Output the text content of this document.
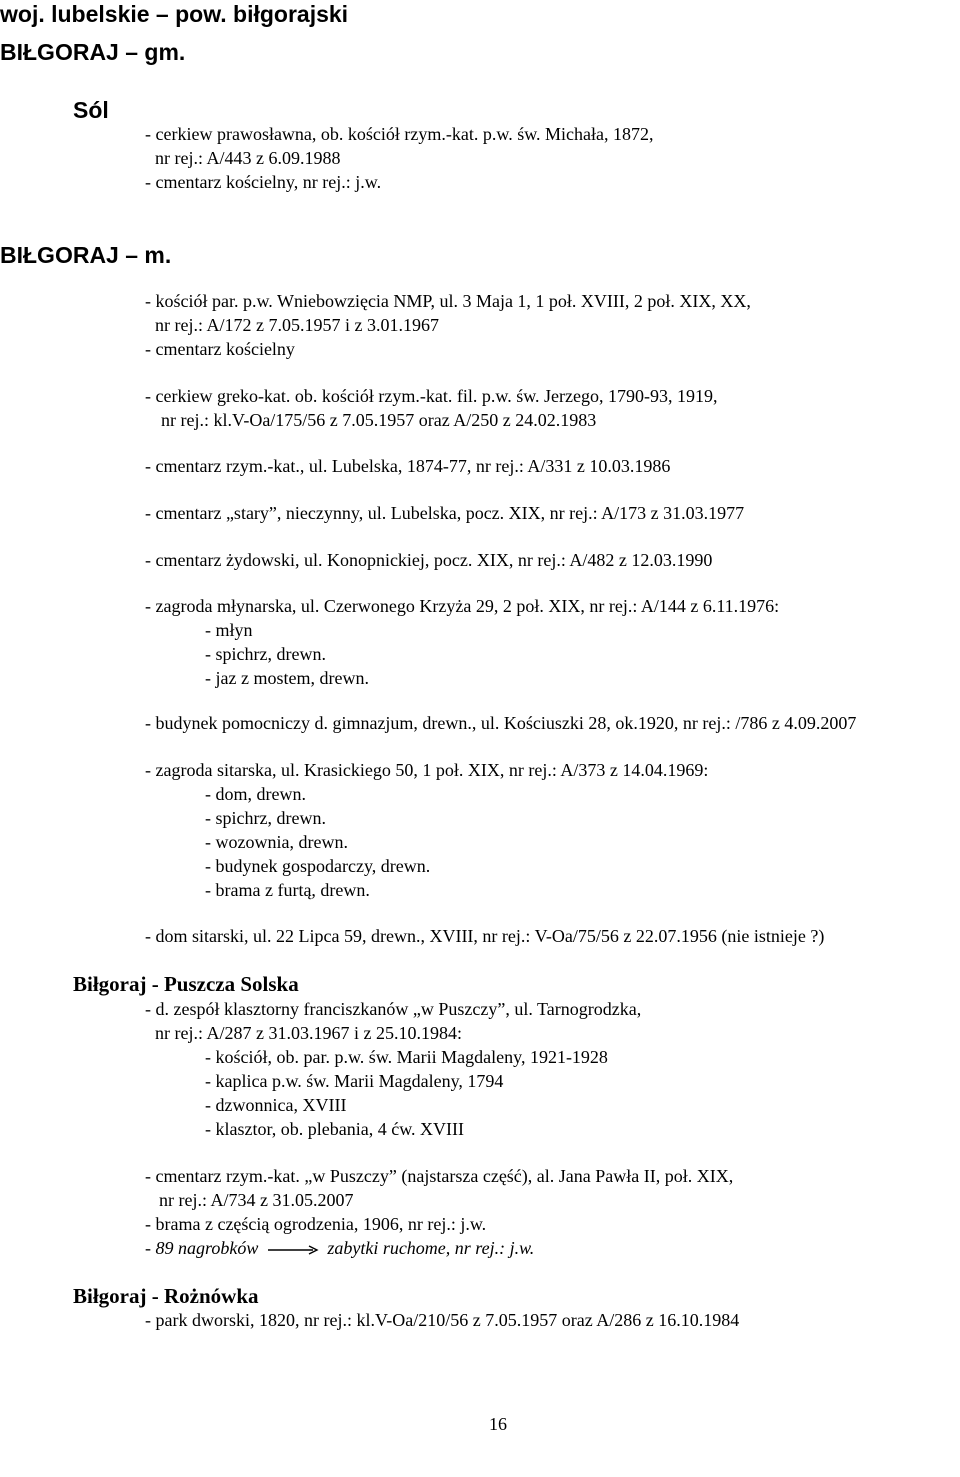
woj. lubelskie – pow. biłgorajski
BIŁGORAJ – gm.
Sól
- cerkiew prawosławna, ob. kościół rzym.-kat. p.w. św. Michała, 1872,
nr rej.: A/443 z 6.09.1988
- cmentarz kościelny, nr rej.: j.w.
BIŁGORAJ – m.
- kościół par. p.w. Wniebowzięcia NMP, ul. 3 Maja 1, 1 poł. XVIII, 2 poł. XIX, XX,
nr rej.: A/172 z 7.05.1957 i z 3.01.1967
- cmentarz kościelny
- cerkiew greko-kat. ob. kościół rzym.-kat. fil. p.w. św. Jerzego, 1790-93, 1919,
nr rej.: kl.V-Oa/175/56 z 7.05.1957 oraz A/250 z 24.02.1983
- cmentarz rzym.-kat., ul. Lubelska, 1874-77, nr rej.: A/331 z 10.03.1986
- cmentarz „stary”, nieczynny, ul. Lubelska, pocz. XIX, nr rej.: A/173 z 31.03.1977
- cmentarz żydowski, ul. Konopnickiej, pocz. XIX, nr rej.: A/482 z 12.03.1990
- zagroda młynarska, ul. Czerwonego Krzyża 29, 2 poł. XIX, nr rej.: A/144 z 6.11.1976:
- młyn
- spichrz, drewn.
- jaz z mostem, drewn.
- budynek pomocniczy d. gimnazjum, drewn., ul. Kościuszki 28, ok.1920, nr rej.: /786 z 4.09.2007
- zagroda sitarska, ul. Krasickiego 50, 1 poł. XIX, nr rej.: A/373 z 14.04.1969:
- dom, drewn.
- spichrz, drewn.
- wozownia, drewn.
- budynek gospodarczy, drewn.
- brama z furtą, drewn.
- dom sitarski, ul. 22 Lipca 59, drewn., XVIII, nr rej.: V-Oa/75/56 z 22.07.1956 (nie istnieje ?)
Biłgoraj - Puszcza Solska
- d. zespół klasztorny franciszkanów „w Puszczy”, ul. Tarnogrodzka,
nr rej.: A/287 z 31.03.1967 i z 25.10.1984:
- kościół, ob. par. p.w. św. Marii Magdaleny, 1921-1928
- kaplica p.w. św. Marii Magdaleny, 1794
- dzwonnica, XVIII
- klasztor, ob. plebania, 4 ćw. XVIII
- cmentarz rzym.-kat. „w Puszczy” (najstarsza część), al. Jana Pawła II, poł. XIX,
nr rej.: A/734 z 31.05.2007
- brama z częścią ogrodzenia, 1906, nr rej.: j.w.
- 89 nagrobków	zabytki ruchome, nr rej.: j.w.
Biłgoraj - Rożnówka
- park dworski, 1820, nr rej.: kl.V-Oa/210/56 z 7.05.1957 oraz A/286 z 16.10.1984
16
